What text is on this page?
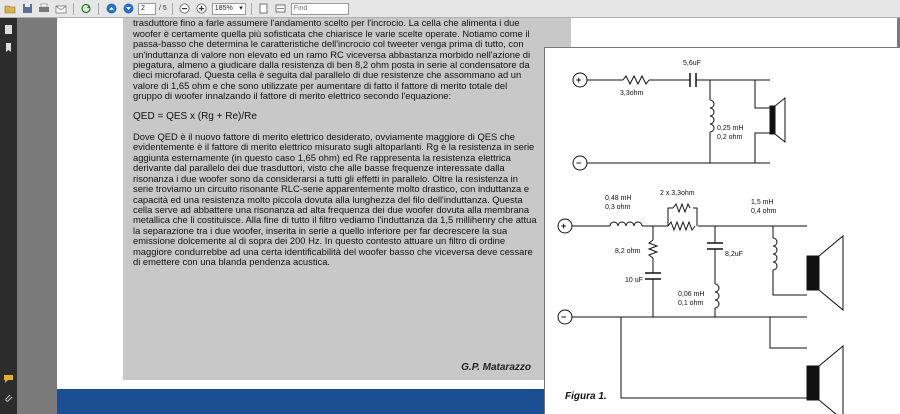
2
/ 5	185% ▾
Find

trasduttore fino a farle assumere l'andamento scelto per l'incrocio. La cella che alimenta i due woofer è certamente quella più sofisticata che chiarisce le varie scelte operate. Notiamo come il passa-basso che determina le caratteristiche dell'incrocio col tweeter venga prima di tutto, con un'induttanza di valore non elevato ed un ramo RC viceversa abbastanza morbido nell'azione di piegatura, almeno a giudicare dalla resistenza di ben 8,2 ohm posta in serie al condensatore da dieci microfarad. Questa cella è seguita dal parallelo di due resistenze che assommano ad un valore di 1,65 ohm e che sono utilizzate per aumentare di fatto il fattore di merito totale del gruppo di woofer innalzando il fattore di merito elettrico secondo l'equazione:

QED = QES x (Rg + Re)/Re

Dove QED è il nuovo fattore di merito elettrico desiderato, ovviamente maggiore di QES che evidentemente è il fattore di merito elettrico misurato sugli altoparlanti. Rg è la resistenza in serie aggiunta esternamente (in questo caso 1,65 ohm) ed Re rappresenta la resistenza elettrica derivante dal parallelo dei due trasduttori, visto che alle basse frequenze interessate dalla risonanza i due woofer sono da considerarsi a tutti gli effetti in parallelo. Oltre la resistenza in serie troviamo un circuito risonante RLC-serie apparentemente molto drastico, con induttanza e capacità ed una resistenza molto piccola dovuta alla lunghezza del filo dell'induttanza. Questa cella serve ad abbattere una risonanza ad alta frequenza dei due woofer dovuta alla membrana metallica che li costituisce. Alla fine di tutto il filtro vediamo l'induttanza da 1,5 millihenry che attua la separazione tra i due woofer, inserita in serie a quello inferiore per far decrescere la sua emissione dolcemente al di sopra dei 200 Hz. In questo contesto attuare un filtro di ordine maggiore condurrebbe ad una certa identificabilità del woofer basso che viceversa deve cessare di emettere con una blanda pendenza acustica.

G.P. Matarazzo
+
−
3,3ohm
5,6uF
0,25 mH
0,2 ohm
+
−
0,48 mH
0,3 ohm
2 x 3,3ohm
8,2 ohm
10 uF
8,2uF
0,06 mH
0,1 ohm
1,5 mH
0,4 ohm
Figura 1.
